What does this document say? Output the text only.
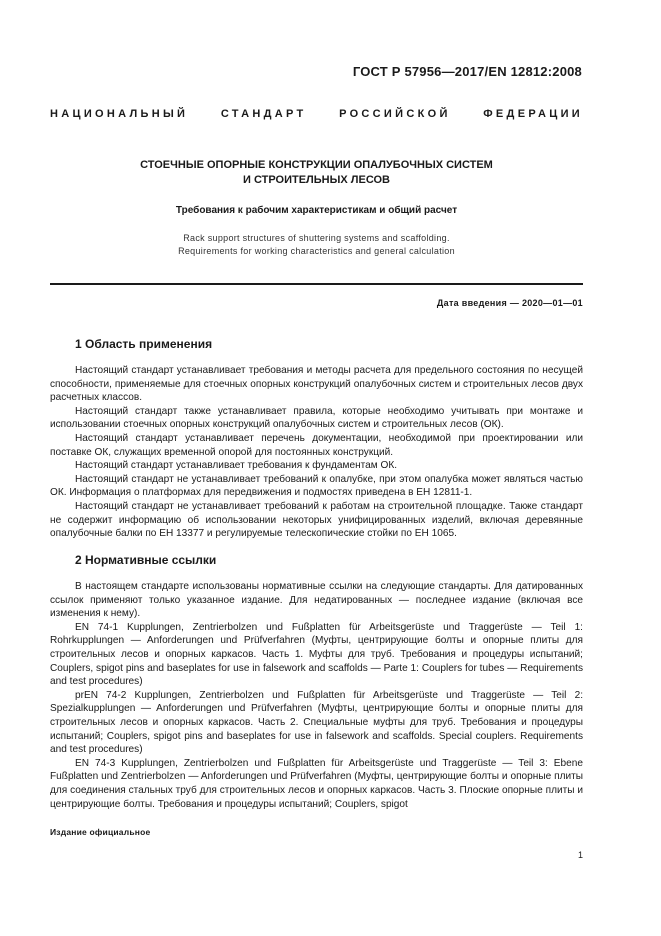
ГОСТ Р 57956—2017/EN 12812:2008
НАЦИОНАЛЬНЫЙ СТАНДАРТ РОССИЙСКОЙ ФЕДЕРАЦИИ
СТОЕЧНЫЕ ОПОРНЫЕ КОНСТРУКЦИИ ОПАЛУБОЧНЫХ СИСТЕМ
И СТРОИТЕЛЬНЫХ ЛЕСОВ
Требования к рабочим характеристикам и общий расчет
Rack support structures of shuttering systems and scaffolding.
Requirements for working characteristics and general calculation
Дата введения — 2020—01—01
1 Область применения

Настоящий стандарт устанавливает требования и методы расчета для предельного состояния по несущей способности, применяемые для стоечных опорных конструкций опалубочных систем и строительных лесов двух расчетных классов.

Настоящий стандарт также устанавливает правила, которые необходимо учитывать при монтаже и использовании стоечных опорных конструкций опалубочных систем и строительных лесов (ОК).

Настоящий стандарт устанавливает перечень документации, необходимой при проектировании или поставке ОК, служащих временной опорой для постоянных конструкций.

Настоящий стандарт устанавливает требования к фундаментам ОК.

Настоящий стандарт не устанавливает требований к опалубке, при этом опалубка может являться частью ОК. Информация о платформах для передвижения и подмостях приведена в ЕН 12811-1.

Настоящий стандарт не устанавливает требований к работам на строительной площадке. Также стандарт не содержит информацию об использовании некоторых унифицированных изделий, включая деревянные опалубочные балки по ЕН 13377 и регулируемые телескопические стойки по ЕН 1065.

2 Нормативные ссылки

В настоящем стандарте использованы нормативные ссылки на следующие стандарты. Для датированных ссылок применяют только указанное издание. Для недатированных — последнее издание (включая все изменения к нему).

EN 74-1 Kupplungen, Zentrierbolzen und Fußplatten für Arbeitsgerüste und Traggerüste — Teil 1: Rohrkupplungen — Anforderungen und Prüfverfahren (Муфты, центрирующие болты и опорные плиты для строительных лесов и опорных каркасов. Часть 1. Муфты для труб. Требования и процедуры испытаний; Couplers, spigot pins and baseplates for use in falsework and scaffolds — Parte 1: Couplers for tubes — Requirements and test procedures)

prEN 74-2 Kupplungen, Zentrierbolzen und Fußplatten für Arbeitsgerüste und Traggerüste — Teil 2: Spezialkupplungen — Anforderungen und Prüfverfahren (Муфты, центрирующие болты и опорные плиты для строительных лесов и опорных каркасов. Часть 2. Специальные муфты для труб. Требования и процедуры испытаний; Couplers, spigot pins and baseplates for use in falsework and scaffolds. Special couplers. Requirements and test procedures)

EN 74-3 Kupplungen, Zentrierbolzen und Fußplatten für Arbeitsgerüste und Traggerüste — Teil 3: Ebene Fußplatten und Zentrierbolzen — Anforderungen und Prüfverfahren (Муфты, центрирующие болты и опорные плиты для соединения стальных труб для строительных лесов и опорных каркасов. Часть 3. Плоские опорные плиты и центрирующие болты. Требования и процедуры испытаний; Couplers, spigot

Издание официальное
1
